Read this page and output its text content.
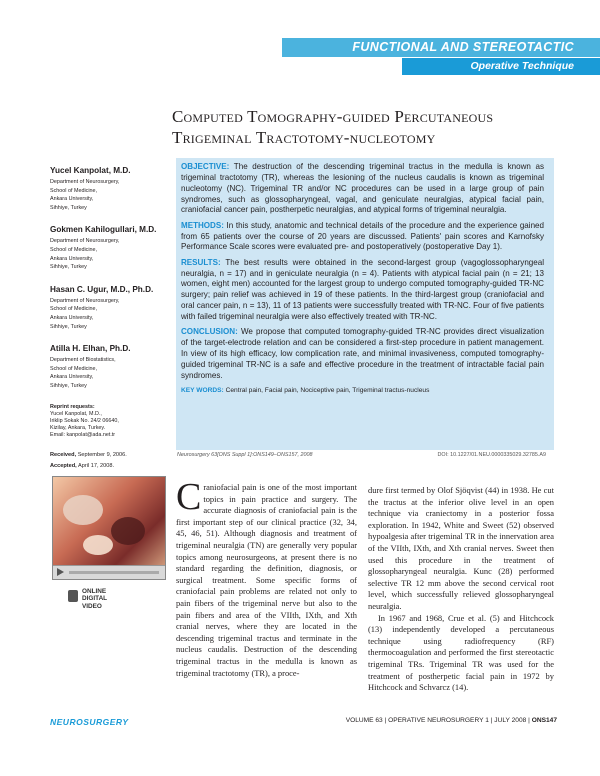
FUNCTIONAL AND STEREOTACTIC
Operative Technique
Computed Tomography-guided Percutaneous
Trigeminal Tractotomy-nucleotomy
Yucel Kanpolat, M.D.
Department of Neurosurgery,
School of Medicine,
Ankara University,
Sihhiye, Turkey
Gokmen Kahilogullari, M.D.
Department of Neurosurgery,
School of Medicine,
Ankara University,
Sihhiye, Turkey
Hasan C. Ugur, M.D., Ph.D.
Department of Neurosurgery,
School of Medicine,
Ankara University,
Sihhiye, Turkey
Atilla H. Elhan, Ph.D.
Department of Biostatistics,
School of Medicine,
Ankara University,
Sihhiye, Turkey
Reprint requests:
Yucel Kanpolat, M.D.,
Iriklip Sokak No. 24/2 06640,
Kizilay, Ankara, Turkey.
Email: kanpolat@ada.net.tr
Received, September 9, 2006.
Accepted, April 17, 2008.

OBJECTIVE: The destruction of the descending trigeminal tractus in the medulla is known as trigeminal tractotomy (TR), whereas the lesioning of the nucleus caudalis is known as trigeminal nucleotomy (NC). Trigeminal TR and/or NC procedures can be used in a large group of pain syndromes, such as glossopharyngeal, vagal, and geniculate neuralgias, atypical facial pain, craniofacial cancer pain, postherpetic neuralgias, and atypical forms of trigeminal neuralgia.

METHODS: In this study, anatomic and technical details of the procedure and the experience gained from 65 patients over the course of 20 years are discussed. Patients' pain scores and Karnofsky Performance Scale scores were evaluated pre- and postoperatively (postoperative Day 1).

RESULTS: The best results were obtained in the second-largest group (vagoglossopharyngeal neuralgia, n = 17) and in geniculate neuralgia (n = 4). Patients with atypical facial pain (n = 21; 13 women, eight men) accounted for the largest group to undergo computed tomography-guided TR-NC surgery; pain relief was achieved in 19 of these patients. In the third-largest group (craniofacial and oral cancer pain, n = 13), 11 of 13 patients were successfully treated with TR-NC. Four of five patients with failed trigeminal neuralgia were also effectively treated with TR-NC.

CONCLUSION: We propose that computed tomography-guided TR-NC provides direct visualization of the target-electrode relation and can be considered a first-step procedure in patient management. In view of its high efficacy, low complication rate, and minimal invasiveness, computed tomography-guided trigeminal TR-NC is a safe and effective procedure in the treatment of intractable facial pain syndromes.

KEY WORDS: Central pain, Facial pain, Nociceptive pain, Trigeminal tractus-nucleus

Neurosurgery 63[ONS Suppl 1]:ONS149–ONS157, 2008	DOI: 10.1227/01.NEU.0000335029.32785.A9
ONLINE
DIGITAL
VIDEO

Craniofacial pain is one of the most important topics in pain practice and surgery. The accurate diagnosis of craniofacial pain is the first important step of our clinical practice (32, 34, 45, 46, 51). Although diagnosis and treatment of trigeminal neuralgia (TN) are generally very popular topics among neurosurgeons, at present there is no standard regarding the definition, diagnosis, or surgical treatment. Some specific forms of craniofacial pain problems are related not only to pain fibers of the trigeminal nerve but also to the pain fibers and area of the VIIth, IXth, and Xth cranial nerves, where they are located in the descending trigeminal tractus and terminate in the nucleus caudalis. Destruction of the descending trigeminal tractus in the medulla is known as trigeminal tractotomy (TR), a proce-

dure first termed by Olof Sjöqvist (44) in 1938. He cut the tractus at the inferior olive level in an open technique via craniectomy in a posterior fossa exploration. In 1942, White and Sweet (52) observed hypoalgesia after trigeminal TR in the innervation area of the VIIth, IXth, and Xth cranial nerves. Sweet then used this procedure in the treatment of glossopharyngeal neuralgia. Kunc (28) performed selective TR 12 mm above the second cervical root level, which successfully relieved glossopharyngeal neuralgia.

In 1967 and 1968, Crue et al. (5) and Hitchcock (13) independently developed a percutaneous technique using radiofrequency (RF) thermocoagulation and performed the first stereotactic trigeminal TRs. Trigeminal TR was used for the treatment of postherpetic facial pain in 1972 by Hitchcock and Schvarcz (14).

NEUROSURGERY	VOLUME 63 | OPERATIVE NEUROSURGERY 1 | JULY 2008 | ONS147
